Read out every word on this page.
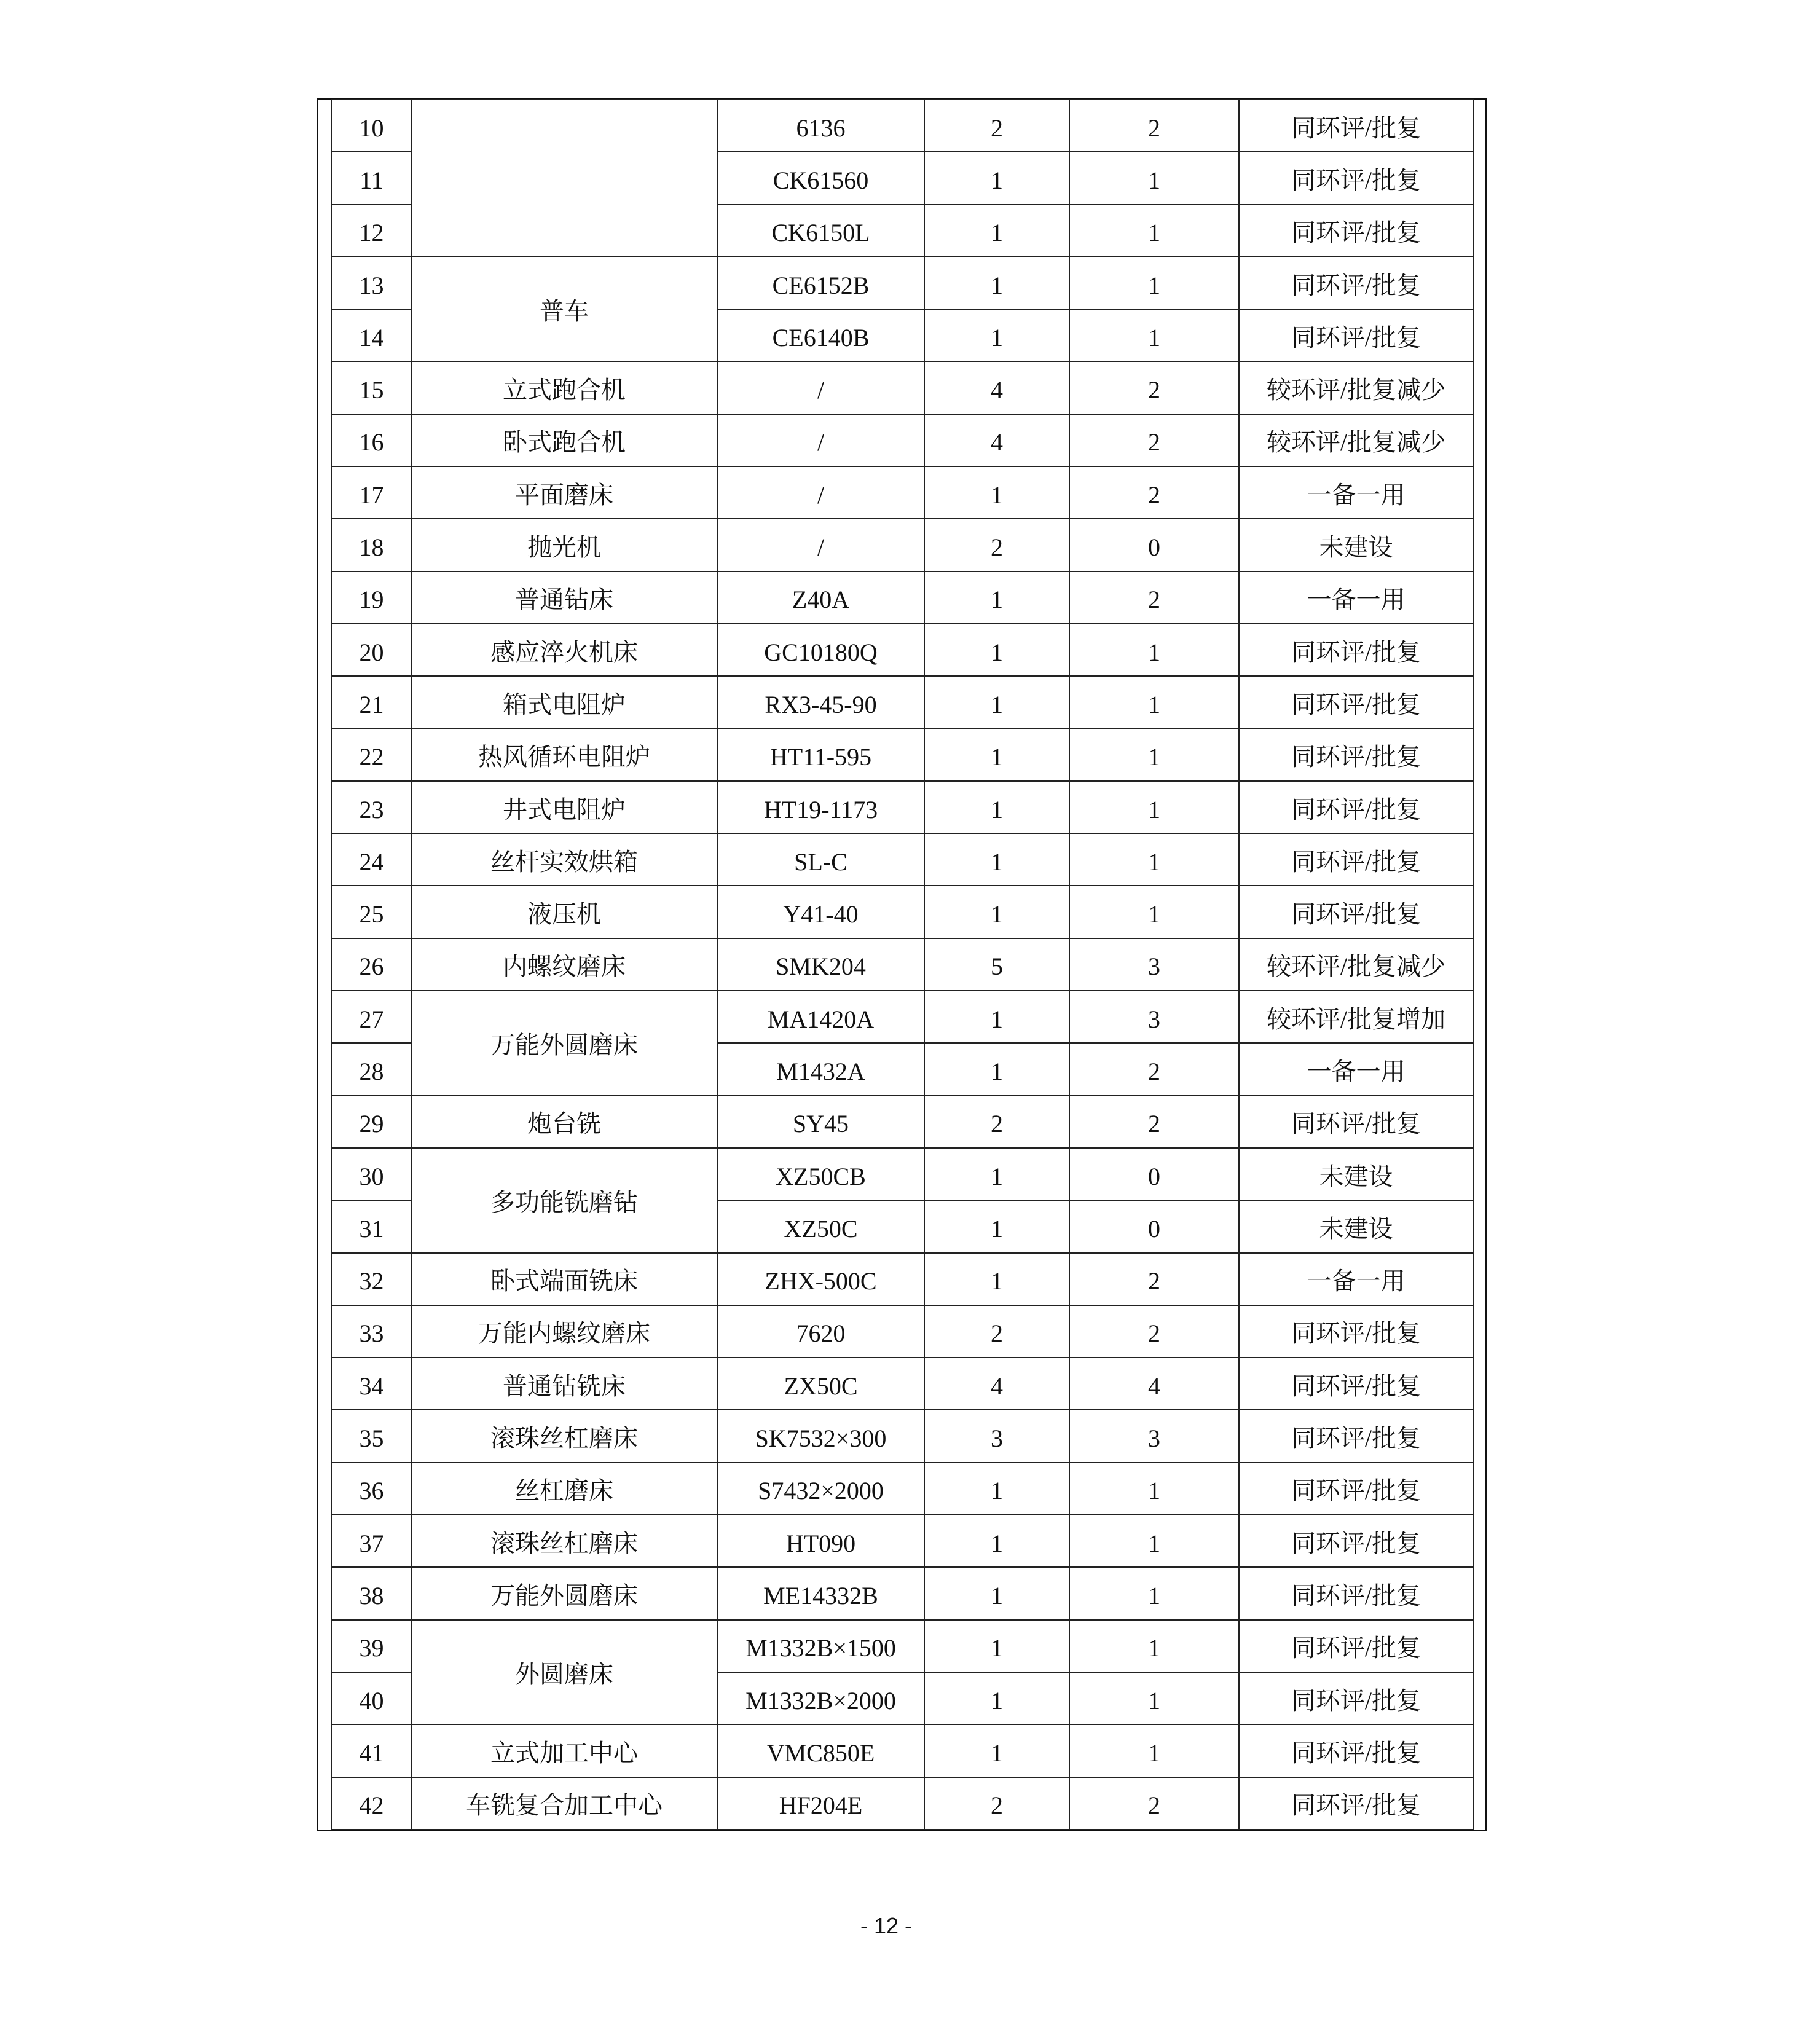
10		6136	2	2	同环评/批复
11		CK61560	1	1	同环评/批复
12		CK6150L	1	1	同环评/批复
13	普车	CE6152B	1	1	同环评/批复
14		CE6140B	1	1	同环评/批复
15	立式跑合机	/	4	2	较环评/批复减少
16	卧式跑合机	/	4	2	较环评/批复减少
17	平面磨床	/	1	2	一备一用
18	抛光机	/	2	0	未建设
19	普通钻床	Z40A	1	2	一备一用
20	感应淬火机床	GC10180Q	1	1	同环评/批复
21	箱式电阻炉	RX3-45-90	1	1	同环评/批复
22	热风循环电阻炉	HT11-595	1	1	同环评/批复
23	井式电阻炉	HT19-1173	1	1	同环评/批复
24	丝杆实效烘箱	SL-C	1	1	同环评/批复
25	液压机	Y41-40	1	1	同环评/批复
26	内螺纹磨床	SMK204	5	3	较环评/批复减少
27	万能外圆磨床	MA1420A	1	3	较环评/批复增加
28		M1432A	1	2	一备一用
29	炮台铣	SY45	2	2	同环评/批复
30	多功能铣磨钻	XZ50CB	1	0	未建设
31		XZ50C	1	0	未建设
32	卧式端面铣床	ZHX-500C	1	2	一备一用
33	万能内螺纹磨床	7620	2	2	同环评/批复
34	普通钻铣床	ZX50C	4	4	同环评/批复
35	滚珠丝杠磨床	SK7532×300	3	3	同环评/批复
36	丝杠磨床	S7432×2000	1	1	同环评/批复
37	滚珠丝杠磨床	HT090	1	1	同环评/批复
38	万能外圆磨床	ME14332B	1	1	同环评/批复
39	外圆磨床	M1332B×1500	1	1	同环评/批复
40		M1332B×2000	1	1	同环评/批复
41	立式加工中心	VMC850E	1	1	同环评/批复
42	车铣复合加工中心	HF204E	2	2	同环评/批复
- 12 -
